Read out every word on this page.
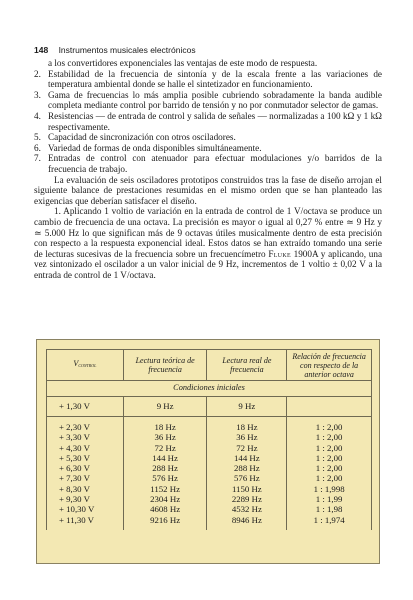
148 Instrumentos musicales electrónicos
a los convertidores exponenciales las ventajas de este modo de respuesta.
2. Estabilidad de la frecuencia de sintonía y de la escala frente a las variaciones de temperatura ambiental donde se halle el sintetizador en funcionamiento.
3. Gama de frecuencias lo más amplia posible cubriendo sobradamente la banda audible completa mediante control por barrido de tensión y no por conmutador selector de gamas.
4. Resistencias — de entrada de control y salida de señales — normalizadas a 100 kΩ y 1 kΩ respectivamente.
5. Capacidad de sincronización con otros osciladores.
6. Variedad de formas de onda disponibles simultáneamente.
7. Entradas de control con atenuador para efectuar modulaciones y/o barridos de la frecuencia de trabajo.

La evaluación de seis osciladores prototipos construidos tras la fase de diseño arrojan el siguiente balance de prestaciones resumidas en el mismo orden que se han planteado las exigencias que deberían satisfacer el diseño.

1. Aplicando 1 voltio de variación en la entrada de control de 1 V/octava se produce un cambio de frecuencia de una octava. La precisión es mayor o igual al 0,27 % entre ≃ 9 Hz y ≃ 5.000 Hz lo que significan más de 9 octavas útiles musicalmente dentro de esta precisión con respecto a la respuesta exponencial ideal. Estos datos se han extraído tomando una serie de lecturas sucesivas de la frecuencia sobre un frecuencímetro Fluke 1900A y aplicando, una vez sintonizado el oscilador a un valor inicial de 9 Hz, incrementos de 1 voltio ± 0,02 V a la entrada de control de 1 V/octava.

Vcontrol	Lectura teórica de frecuencia	Lectura real de frecuencia	Relación de frecuencia con respecto de la anterior octava
Condiciones iniciales			
+ 1,30 V	9 Hz	9 Hz	
+ 2,30 V	18 Hz	18 Hz	1 : 2,00
+ 3,30 V	36 Hz	36 Hz	1 : 2,00
+ 4,30 V	72 Hz	72 Hz	1 : 2,00
+ 5,30 V	144 Hz	144 Hz	1 : 2,00
+ 6,30 V	288 Hz	288 Hz	1 : 2,00
+ 7,30 V	576 Hz	576 Hz	1 : 2,00
+ 8,30 V	1152 Hz	1150 Hz	1 : 1,998
+ 9,30 V	2304 Hz	2289 Hz	1 : 1,99
+ 10,30 V	4608 Hz	4532 Hz	1 : 1,98
+ 11,30 V	9216 Hz	8946 Hz	1 : 1,974
